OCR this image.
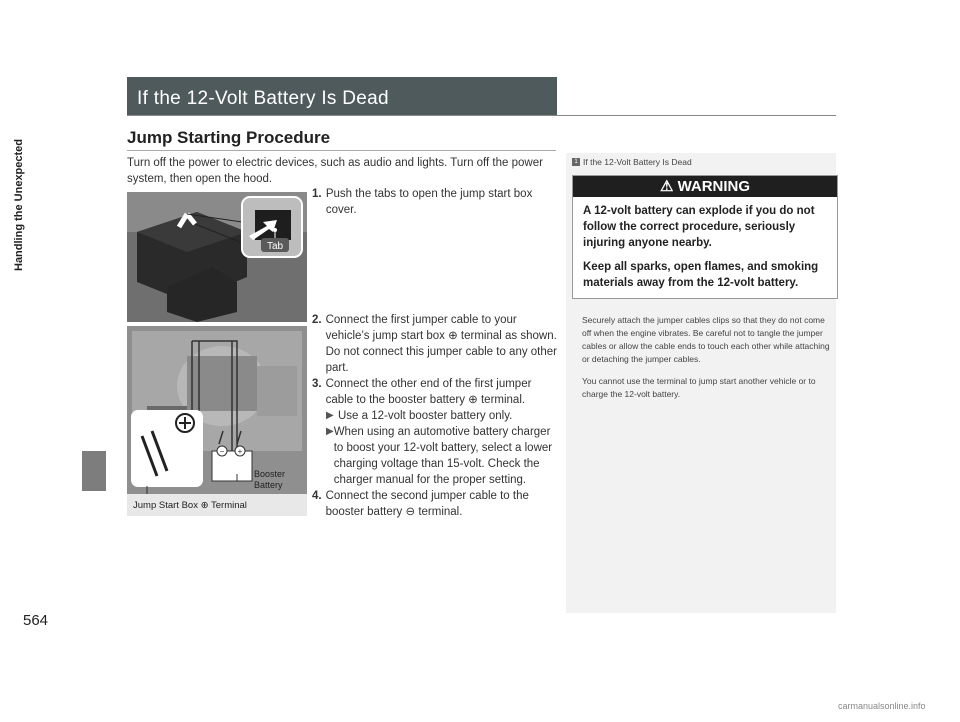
Handling the Unexpected
564
If the 12-Volt Battery Is Dead
Jump Starting Procedure
Turn off the power to electric devices, such as audio and lights. Turn off the power system, then open the hood.
Tab
− +
Booster
Battery
Jump Start Box ⊕ Terminal
1. Push the tabs to open the jump start box cover.
2. Connect the first jumper cable to your vehicle’s jump start box ⊕ terminal as shown. Do not connect this jumper cable to any other part.
3. Connect the other end of the first jumper cable to the booster battery ⊕ terminal.
▶ Use a 12-volt booster battery only.
▶ When using an automotive battery charger to boost your 12-volt battery, select a lower charging voltage than 15-volt. Check the charger manual for the proper setting.
4. Connect the second jumper cable to the booster battery ⊖ terminal.
1 If the 12-Volt Battery Is Dead
⚠ WARNING

A 12-volt battery can explode if you do not follow the correct procedure, seriously injuring anyone nearby.

Keep all sparks, open flames, and smoking materials away from the 12-volt battery.

Securely attach the jumper cables clips so that they do not come off when the engine vibrates. Be careful not to tangle the jumper cables or allow the cable ends to touch each other while attaching or detaching the jumper cables.

You cannot use the terminal to jump start another vehicle or to charge the 12-volt battery.

carmanualsonline.info
